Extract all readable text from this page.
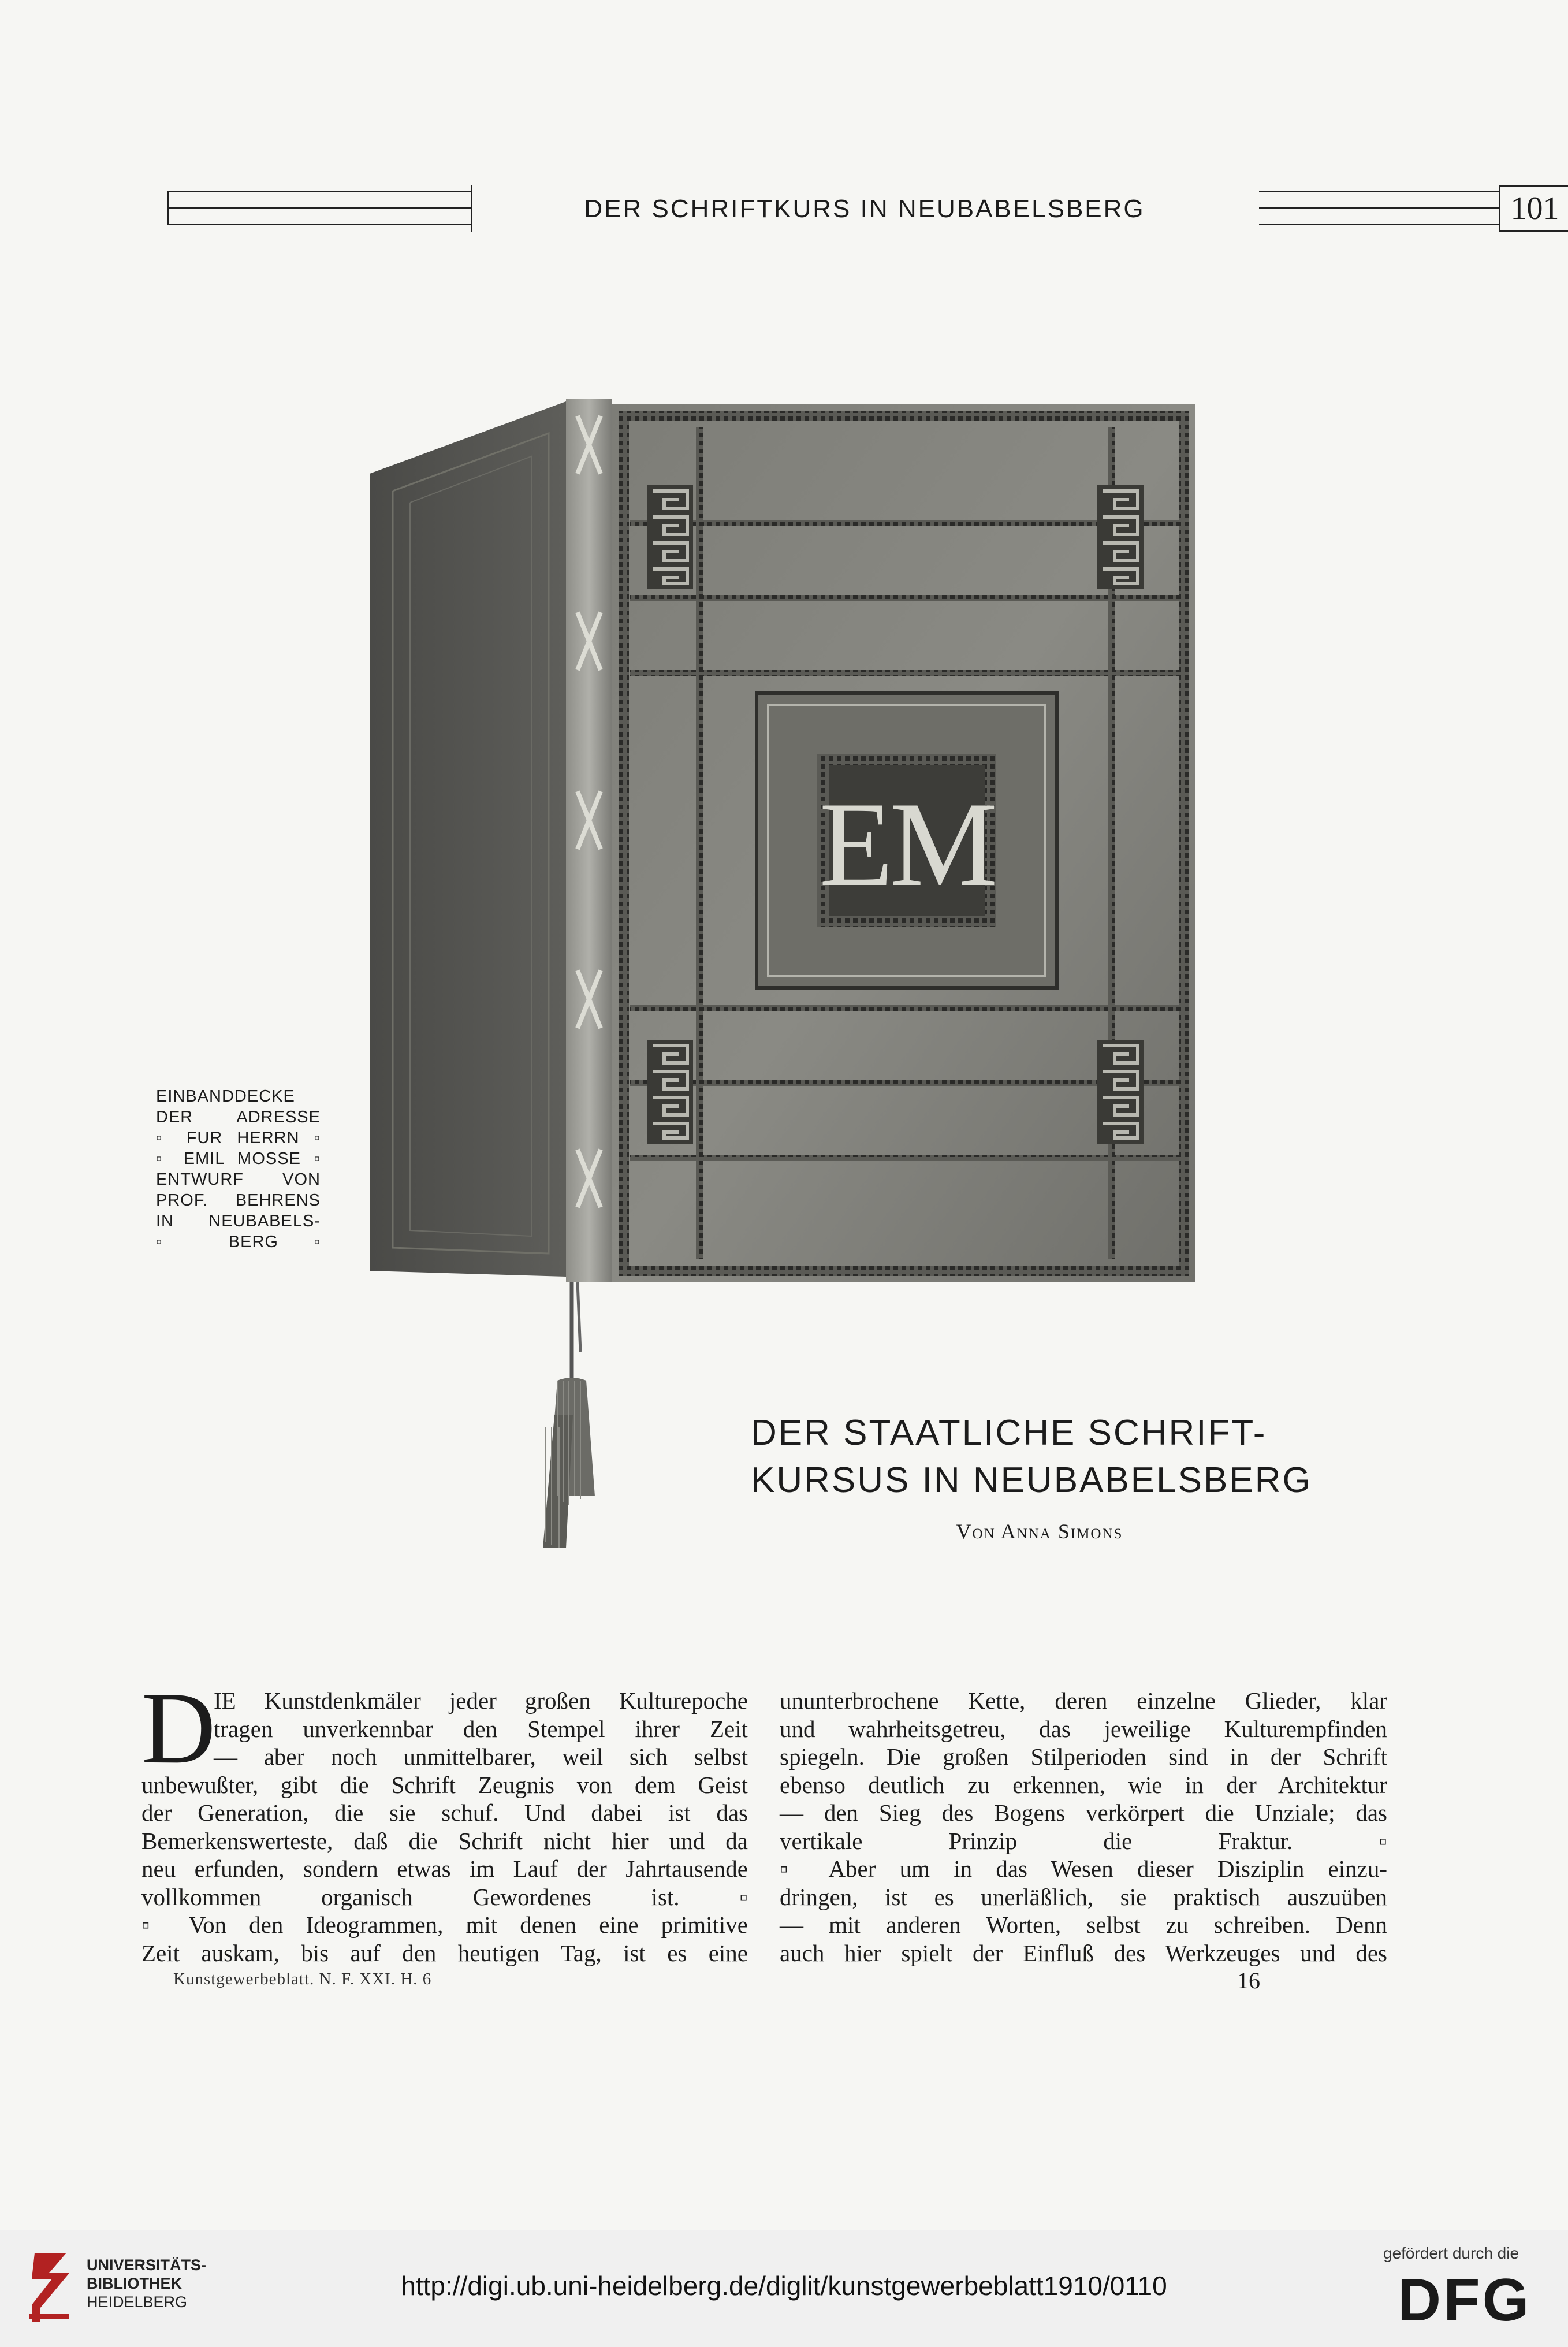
DER SCHRIFTKURS IN NEUBABELSBERG	101
EM
EINBANDDECKE
DER ADRESSE
▫ FUR HERRN ▫
▫ EMIL MOSSE ▫
ENTWURF VON
PROF. BEHRENS
IN NEUBABELS-
▫ BERG ▫
DER STAATLICHE SCHRIFT-
KURSUS IN NEUBABELSBERG
Von Anna Simons
D
IE Kunstdenkmäler jeder großen Kulturepoche
tragen unverkennbar den Stempel ihrer Zeit
— aber noch unmittelbarer, weil sich selbst
unbewußter, gibt die Schrift Zeugnis von dem Geist
der Generation, die sie schuf. Und dabei ist das
Bemerkenswerteste, daß die Schrift nicht hier und da
neu erfunden, sondern etwas im Lauf der Jahrtausende
vollkommen organisch Gewordenes ist. ▫
▫ Von den Ideogrammen, mit denen eine primitive
Zeit auskam, bis auf den heutigen Tag, ist es eine
ununterbrochene Kette, deren einzelne Glieder, klar
und wahrheitsgetreu, das jeweilige Kulturempfinden
spiegeln. Die großen Stilperioden sind in der Schrift
ebenso deutlich zu erkennen, wie in der Architektur
— den Sieg des Bogens verkörpert die Unziale; das
vertikale Prinzip die Fraktur. ▫
▫ Aber um in das Wesen dieser Disziplin einzu-
dringen, ist es unerläßlich, sie praktisch auszuüben
— mit anderen Worten, selbst zu schreiben. Denn
auch hier spielt der Einfluß des Werkzeuges und des
Kunstgewerbeblatt. N. F. XXI. H. 6	16
UNIVERSITÄTS-
BIBLIOTHEK
HEIDELBERG
http://digi.ub.uni-heidelberg.de/diglit/kunstgewerbeblatt1910/0110
gefördert durch die
DFG
